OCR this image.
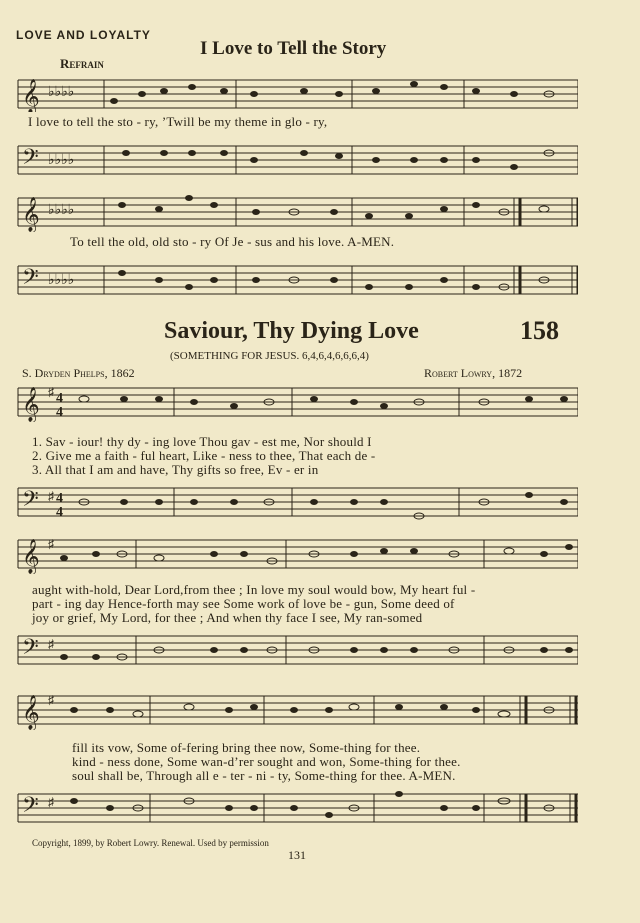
LOVE AND LOYALTY
I Love to Tell the Story
Refrain
𝄞 ♭♭♭♭
I love to tell the sto - ry, ’Twill be my theme in glo - ry,
𝄢 ♭♭♭♭
𝄞 ♭♭♭♭
To tell the old, old sto - ry Of Je - sus and his love. A-MEN.
𝄢 ♭♭♭♭
Saviour, Thy Dying Love	158
(SOMETHING FOR JESUS. 6,4,6,4,6,6,6,4)
S. Dryden Phelps, 1862	Robert Lowry, 1872
𝄞 ♯ 4
4
1. Sav - iour! thy dy - ing love Thou gav - est me, Nor should I
2. Give me a faith - ful heart, Like - ness to thee, That each de -
3. All that I am and have, Thy gifts so free, Ev - er in
𝄢 ♯ 4
4
𝄞 ♯
aught with-hold, Dear Lord,from thee ; In love my soul would bow, My heart ful -
part - ing day Hence-forth may see Some work of love be - gun, Some deed of
joy or grief, My Lord, for thee ; And when thy face I see, My ran-somed
𝄢 ♯
𝄞 ♯
fill its vow, Some of-fering bring thee now, Some-thing for thee.
kind - ness done, Some wan-d’rer sought and won, Some-thing for thee.
soul shall be, Through all e - ter - ni - ty, Some-thing for thee. A-MEN.
𝄢 ♯
Copyright, 1899, by Robert Lowry. Renewal. Used by permission
131
